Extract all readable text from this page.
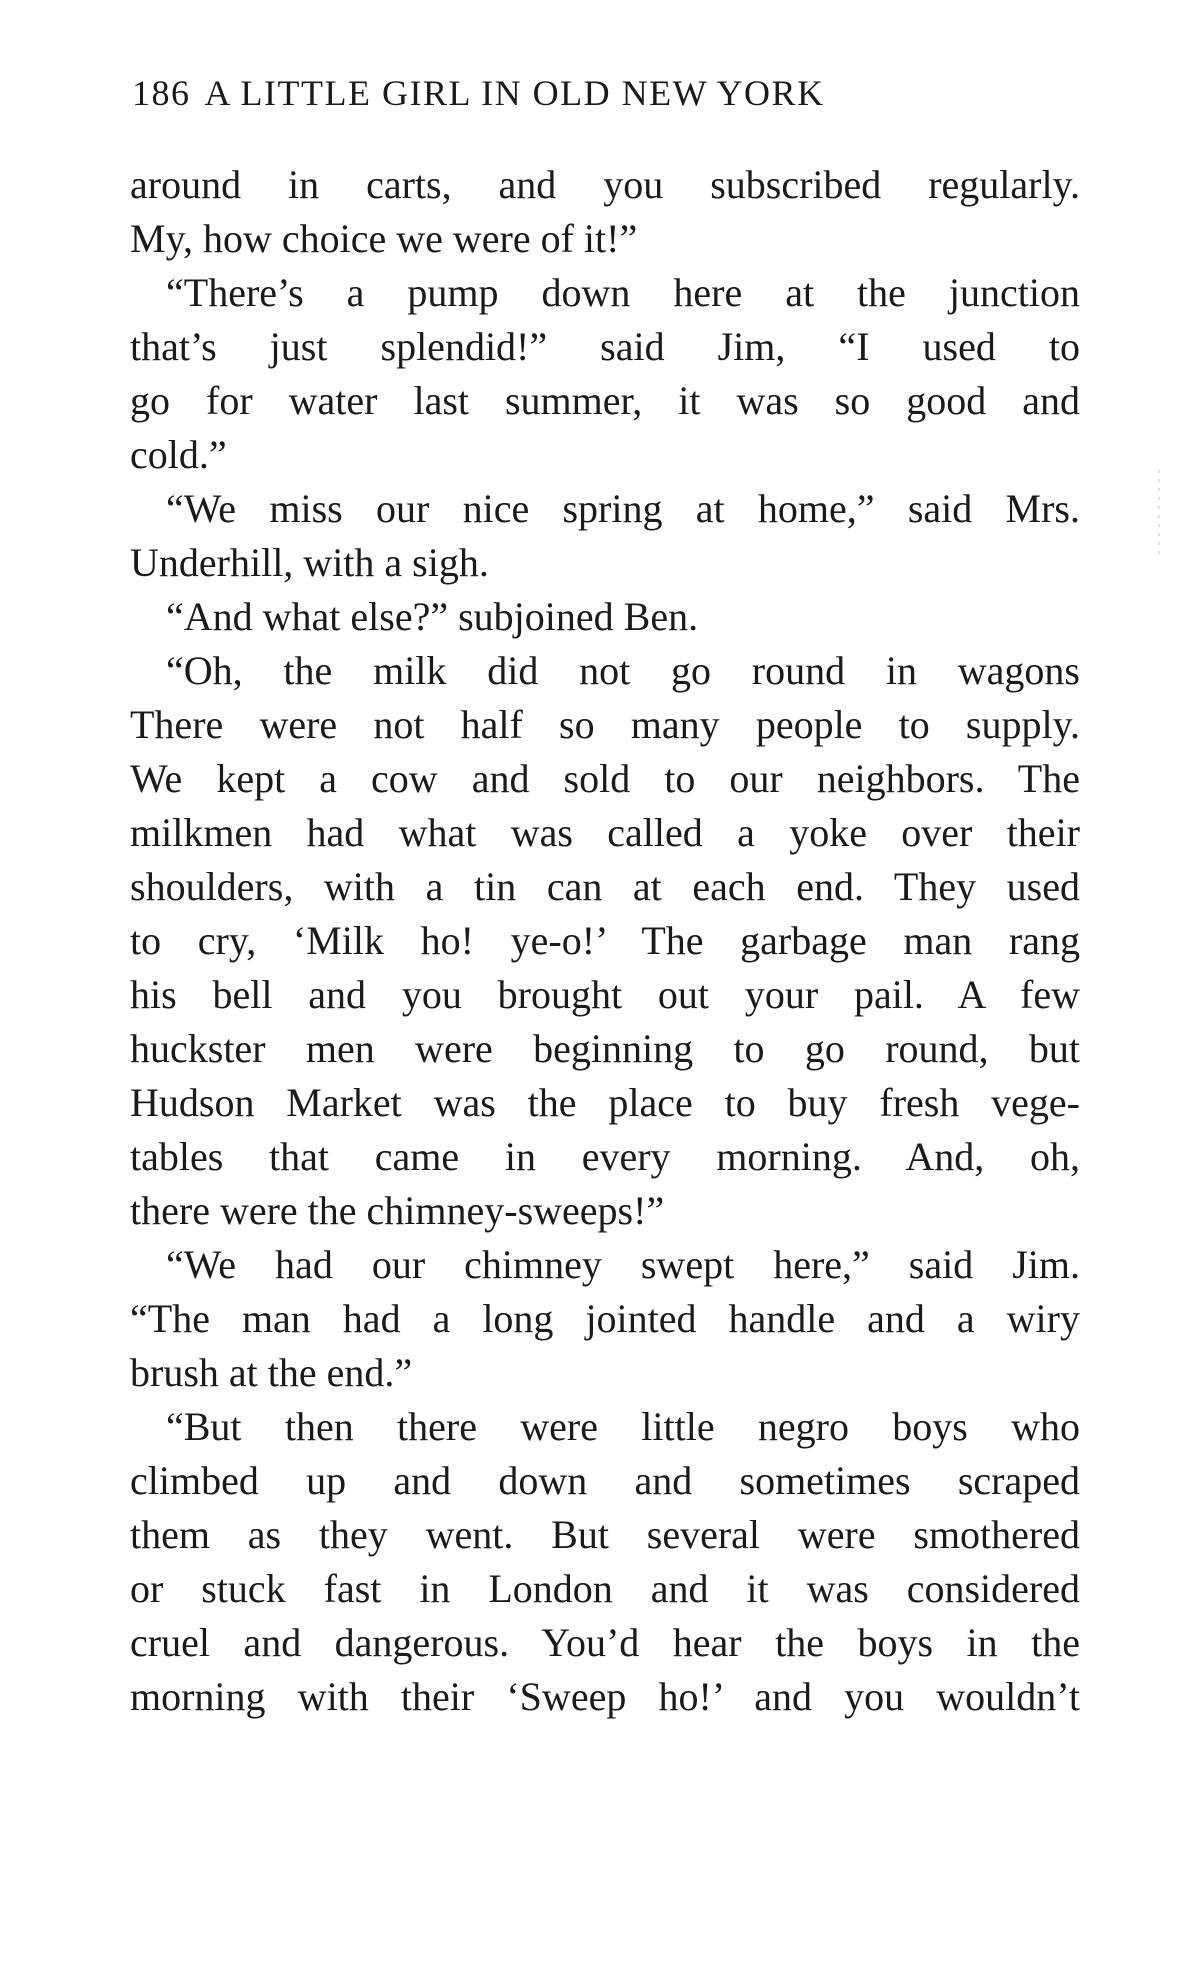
186 A LITTLE GIRL IN OLD NEW YORK
around in carts, and you subscribed regularly.
My, how choice we were of it!”
“There’s a pump down here at the junction
that’s just splendid!” said Jim, “I used to
go for water last summer, it was so good and
cold.”
“We miss our nice spring at home,” said Mrs.
Underhill, with a sigh.
“And what else?” subjoined Ben.
“Oh, the milk did not go round in wagons
There were not half so many people to supply.
We kept a cow and sold to our neighbors. The
milkmen had what was called a yoke over their
shoulders, with a tin can at each end. They used
to cry, ‘Milk ho! ye-o!’ The garbage man rang
his bell and you brought out your pail. A few
huckster men were beginning to go round, but
Hudson Market was the place to buy fresh vege-
tables that came in every morning. And, oh,
there were the chimney-sweeps!”
“We had our chimney swept here,” said Jim.
“The man had a long jointed handle and a wiry
brush at the end.”
“But then there were little negro boys who
climbed up and down and sometimes scraped
them as they went. But several were smothered
or stuck fast in London and it was considered
cruel and dangerous. You’d hear the boys in the
morning with their ‘Sweep ho!’ and you wouldn’t
